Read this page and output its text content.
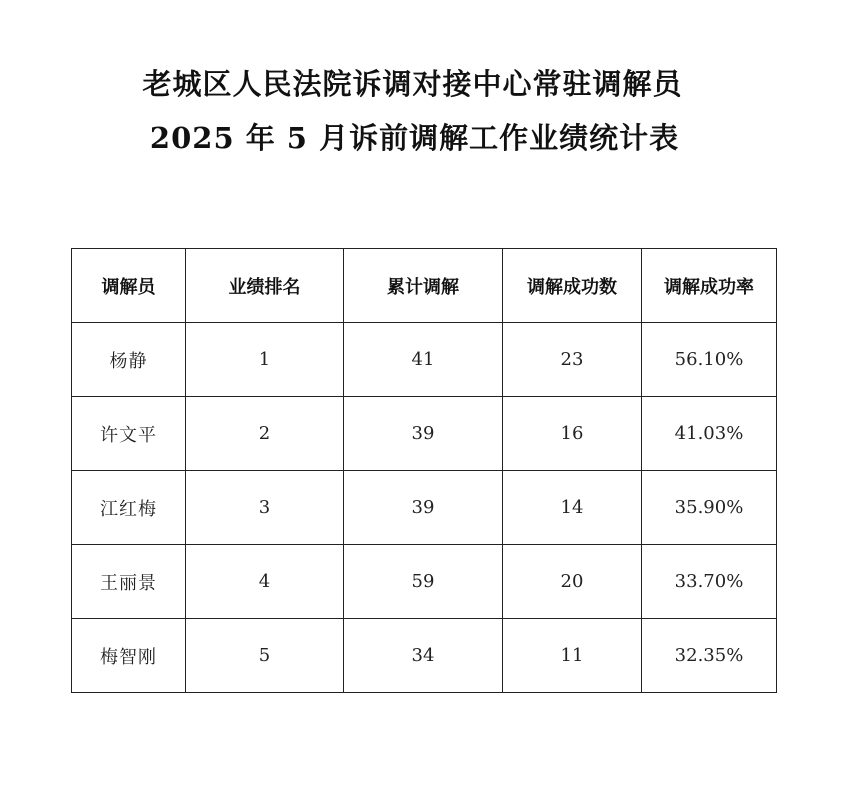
老城区人民法院诉调对接中心常驻调解员
2025 年 5 月诉前调解工作业绩统计表
调解员	业绩排名	累计调解	调解成功数	调解成功率
杨静	1	41	23	56.10%
许文平	2	39	16	41.03%
江红梅	3	39	14	35.90%
王丽景	4	59	20	33.70%
梅智刚	5	34	11	32.35%
